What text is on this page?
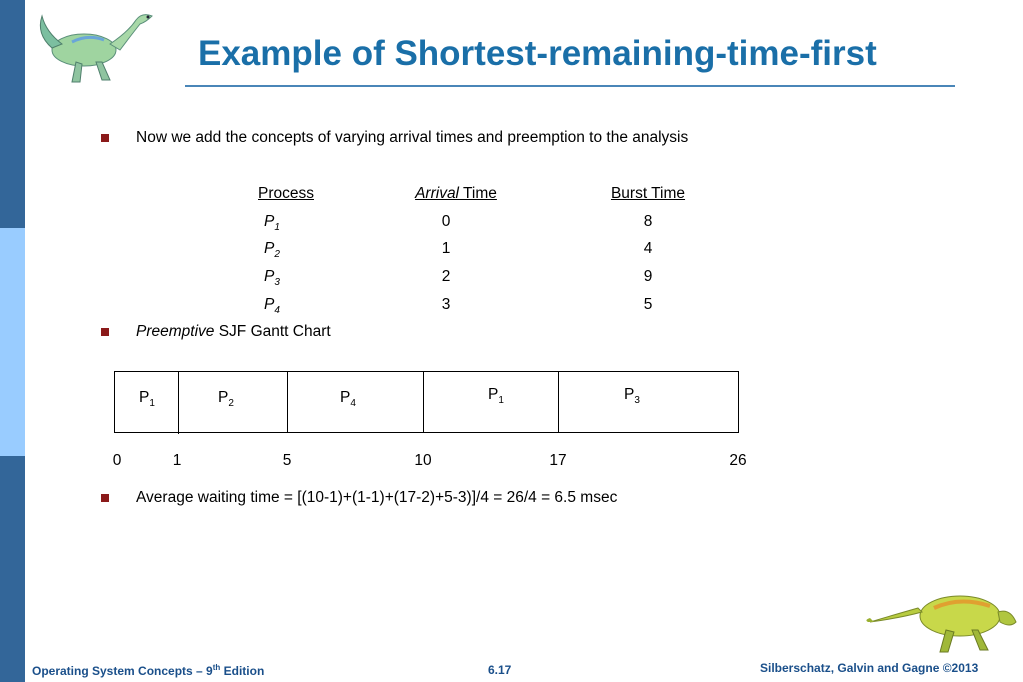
Example of Shortest-remaining-time-first
Now we add the concepts of varying arrival times and preemption to the analysis
Process	Arrival Time	Burst Time
$P_1$	0	8
$P_2$	1	4
$P_3$	2	9
$P_4$	3	5
Preemptive SJF Gantt Chart
$P_1$	$P_2$	$P_4$
$P_1$	$P_3$
0	1	5	10	17	26
Average waiting time = [(10-1)+(1-1)+(17-2)+5-3)]/4 = 26/4 = 6.5 msec
Operating System Concepts – 9th Edition	6.17	Silberschatz, Galvin and Gagne ©2013
